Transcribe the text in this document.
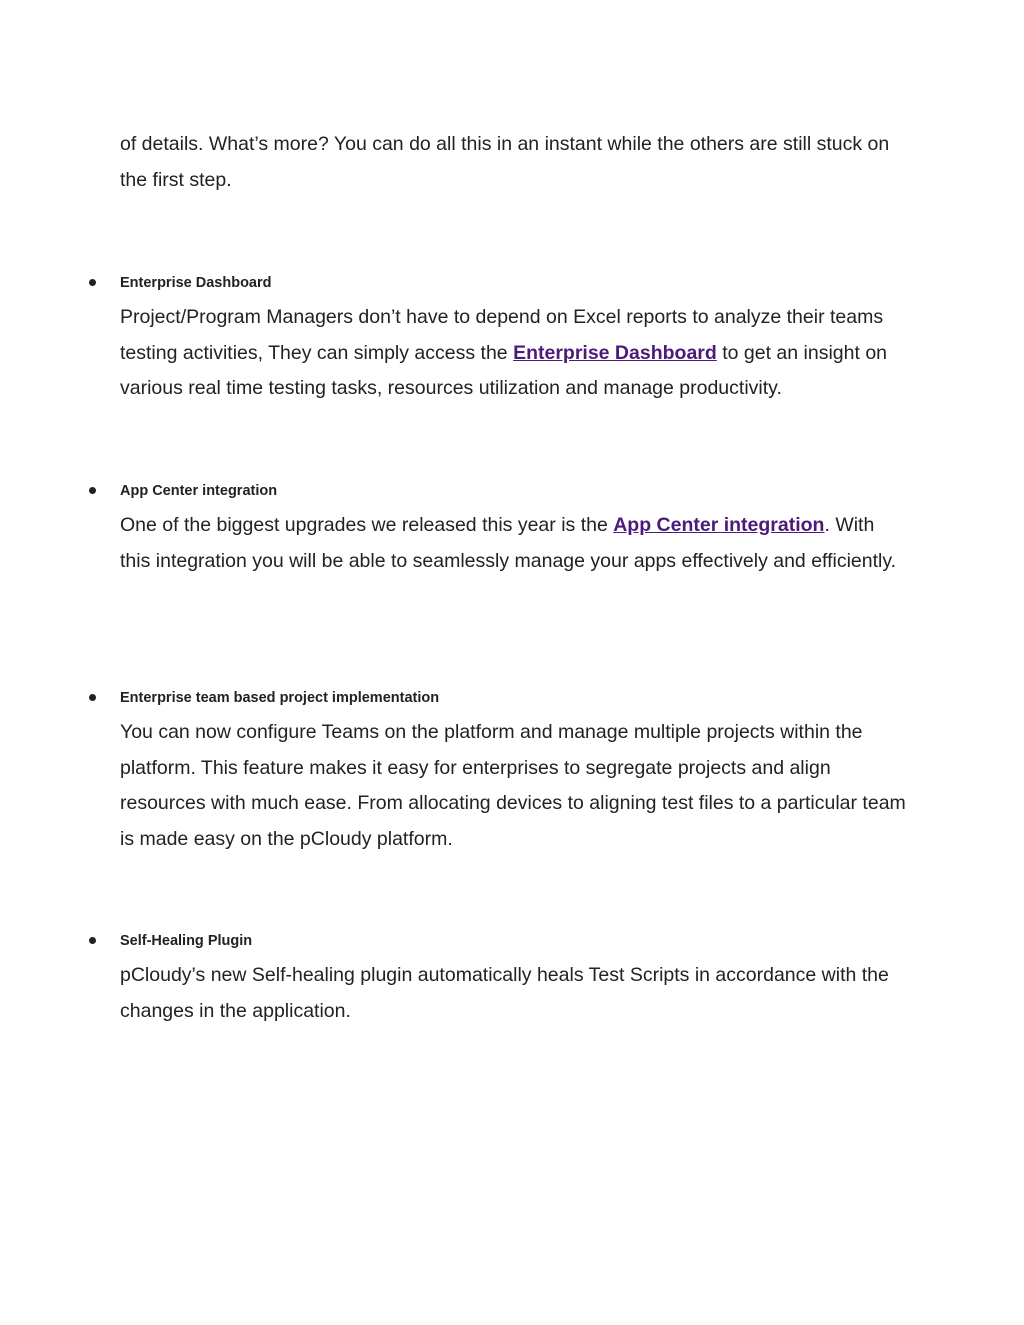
of details. What’s more? You can do all this in an instant while the others are still stuck on the first step.

Enterprise Dashboard

Project/Program Managers don’t have to depend on Excel reports to analyze their teams testing activities, They can simply access the Enterprise Dashboard to get an insight on various real time testing tasks, resources utilization and manage productivity.

App Center integration

One of the biggest upgrades we released this year is the App Center integration. With this integration you will be able to seamlessly manage your apps effectively and efficiently.

Enterprise team based project implementation

You can now configure Teams on the platform and manage multiple projects within the platform. This feature makes it easy for enterprises to segregate projects and align resources with much ease. From allocating devices to aligning test files to a particular team is made easy on the pCloudy platform.

Self-Healing Plugin

pCloudy’s new Self-healing plugin automatically heals Test Scripts in accordance with the changes in the application.
